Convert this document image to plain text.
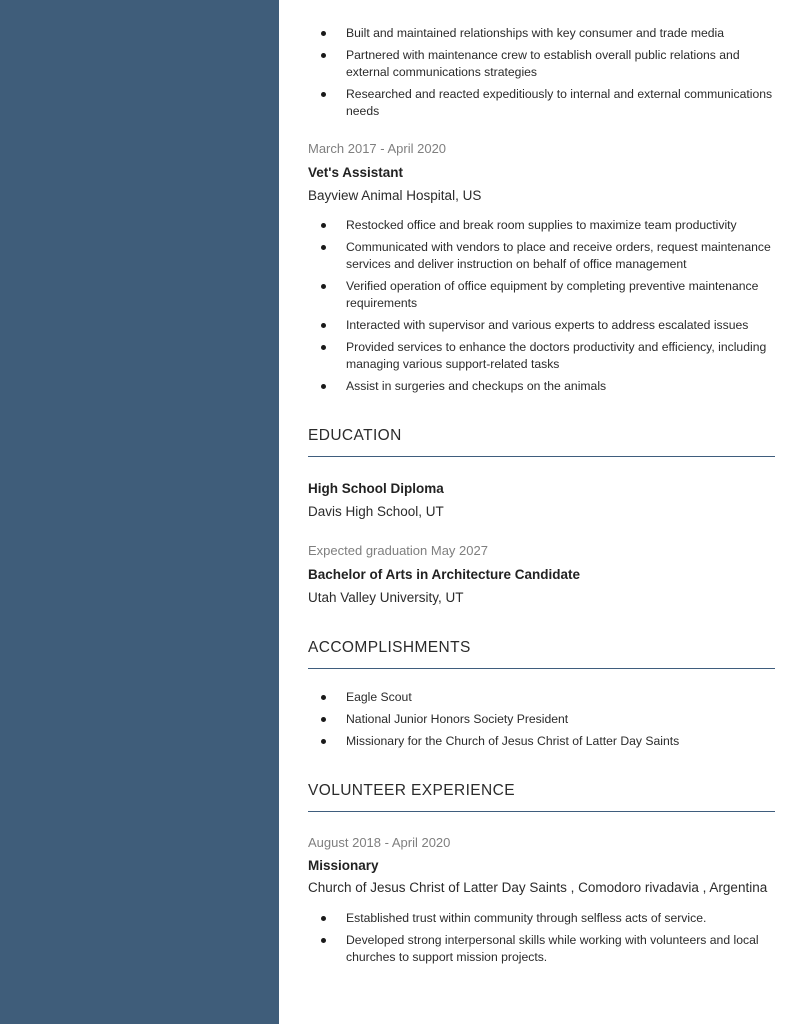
Built and maintained relationships with key consumer and trade media
Partnered with maintenance crew to establish overall public relations and external communications strategies
Researched and reacted expeditiously to internal and external communications needs
March 2017 - April 2020
Vet's Assistant
Bayview Animal Hospital, US
Restocked office and break room supplies to maximize team productivity
Communicated with vendors to place and receive orders, request maintenance services and deliver instruction on behalf of office management
Verified operation of office equipment by completing preventive maintenance requirements
Interacted with supervisor and various experts to address escalated issues
Provided services to enhance the doctors productivity and efficiency, including managing various support-related tasks
Assist in surgeries and checkups on the animals
EDUCATION
High School Diploma
Davis High School, UT
Expected graduation May 2027
Bachelor of Arts in Architecture Candidate
Utah Valley University, UT
ACCOMPLISHMENTS
Eagle Scout
National Junior Honors Society President
Missionary for the Church of Jesus Christ of Latter Day Saints
VOLUNTEER EXPERIENCE
August 2018 - April 2020
Missionary
Church of Jesus Christ of Latter Day Saints , Comodoro rivadavia , Argentina
Established trust within community through selfless acts of service.
Developed strong interpersonal skills while working with volunteers and local churches to support mission projects.
